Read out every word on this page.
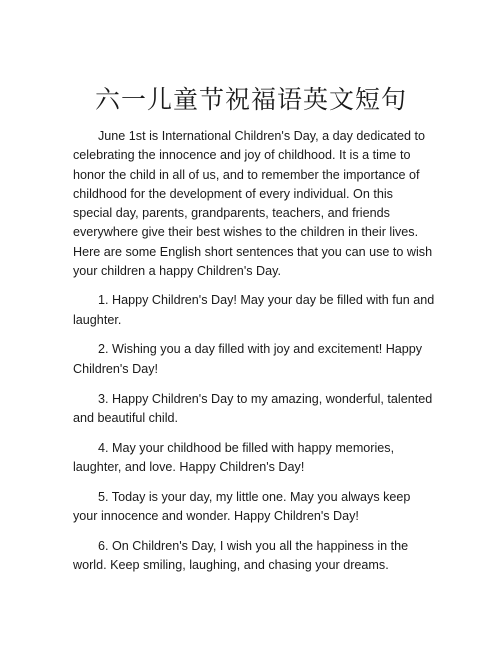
六一儿童节祝福语英文短句

June 1st is International Children's Day, a day dedicated to celebrating the innocence and joy of childhood. It is a time to honor the child in all of us, and to remember the importance of childhood for the development of every individual. On this special day, parents, grandparents, teachers, and friends everywhere give their best wishes to the children in their lives. Here are some English short sentences that you can use to wish your children a happy Children's Day.

1. Happy Children's Day! May your day be filled with fun and laughter.

2. Wishing you a day filled with joy and excitement! Happy Children's Day!

3. Happy Children's Day to my amazing, wonderful, talented and beautiful child.

4. May your childhood be filled with happy memories, laughter, and love. Happy Children's Day!

5. Today is your day, my little one. May you always keep your innocence and wonder. Happy Children's Day!

6. On Children's Day, I wish you all the happiness in the world. Keep smiling, laughing, and chasing your dreams.
